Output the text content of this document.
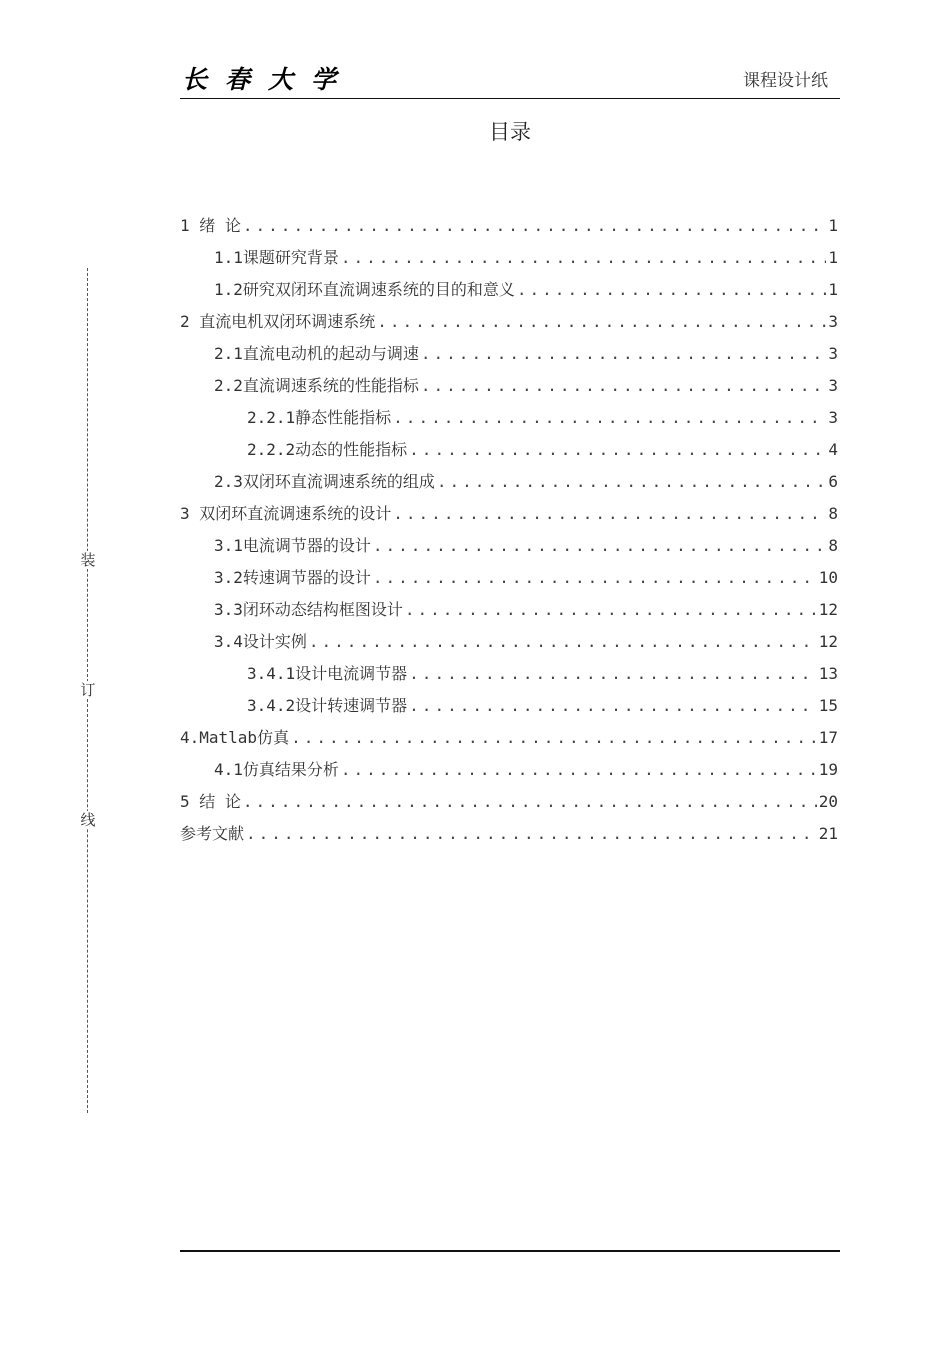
长春大学	课程设计纸
目录
1 绪 论 .....	1
1.1课题研究背景 .....	1
1.2研究双闭环直流调速系统的目的和意义 .....	1
2 直流电机双闭环调速系统 .....	3
2.1直流电动机的起动与调速 .....	3
2.2直流调速系统的性能指标 .....	3
2.2.1静态性能指标 .....	3
2.2.2动态的性能指标 .....	4
2.3双闭环直流调速系统的组成 .....	6
3 双闭环直流调速系统的设计 .....	8
3.1电流调节器的设计 .....	8
3.2转速调节器的设计 .....	10
3.3闭环动态结构框图设计 .....	12
3.4设计实例 .....	12
3.4.1设计电流调节器 .....	13
3.4.2设计转速调节器 .....	15
4.Matlab仿真 .....	17
4.1仿真结果分析 .....	19
5 结 论 .....	20
参考文献 .....	21
装
订
线
